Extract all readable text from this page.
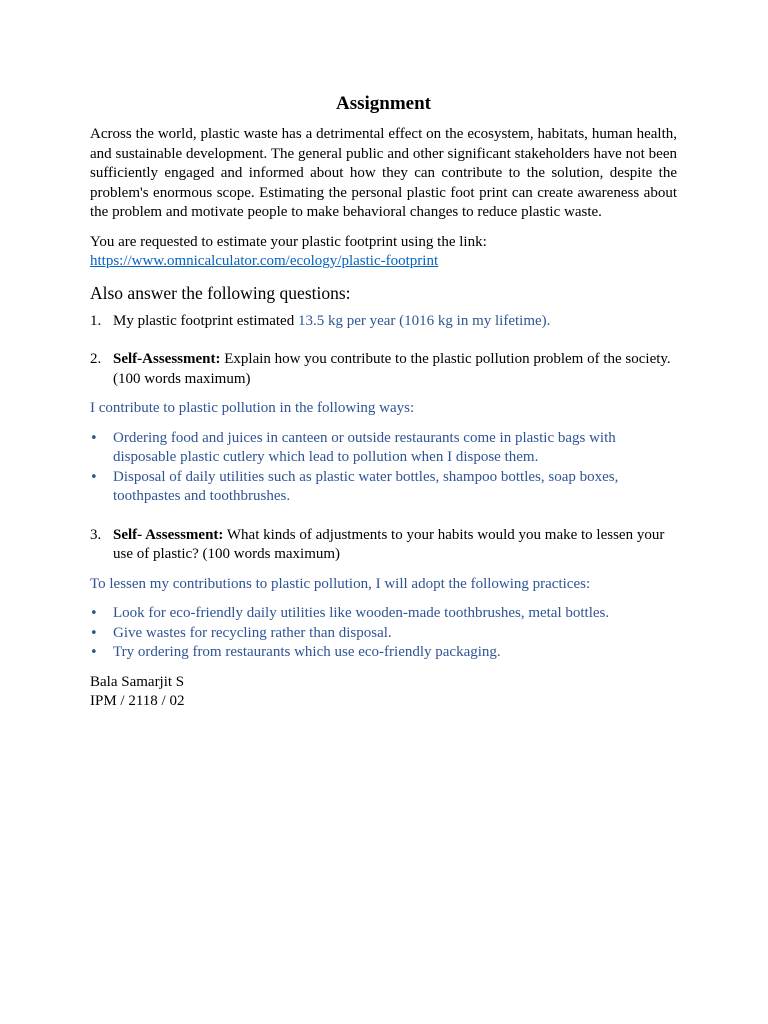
Assignment

Across the world, plastic waste has a detrimental effect on the ecosystem, habitats, human health, and sustainable development. The general public and other significant stakeholders have not been sufficiently engaged and informed about how they can contribute to the solution, despite the problem's enormous scope. Estimating the personal plastic foot print can create awareness about the problem and motivate people to make behavioral changes to reduce plastic waste.

You are requested to estimate your plastic footprint using the link:

https://www.omnicalculator.com/ecology/plastic-footprint

Also answer the following questions:
1. My plastic footprint estimated 13.5 kg per year (1016 kg in my lifetime).
2. Self-Assessment: Explain how you contribute to the plastic pollution problem of the society. (100 words maximum)

I contribute to plastic pollution in the following ways:

•	Ordering food and juices in canteen or outside restaurants come in plastic bags with disposable plastic cutlery which lead to pollution when I dispose them.
•	Disposal of daily utilities such as plastic water bottles, shampoo bottles, soap boxes, toothpastes and toothbrushes.
3. Self- Assessment: What kinds of adjustments to your habits would you make to lessen your use of plastic? (100 words maximum)

To lessen my contributions to plastic pollution, I will adopt the following practices:

•	Look for eco-friendly daily utilities like wooden-made toothbrushes, metal bottles.
•	Give wastes for recycling rather than disposal.
•	Try ordering from restaurants which use eco-friendly packaging.

Bala Samarjit S

IPM / 2118 / 02
